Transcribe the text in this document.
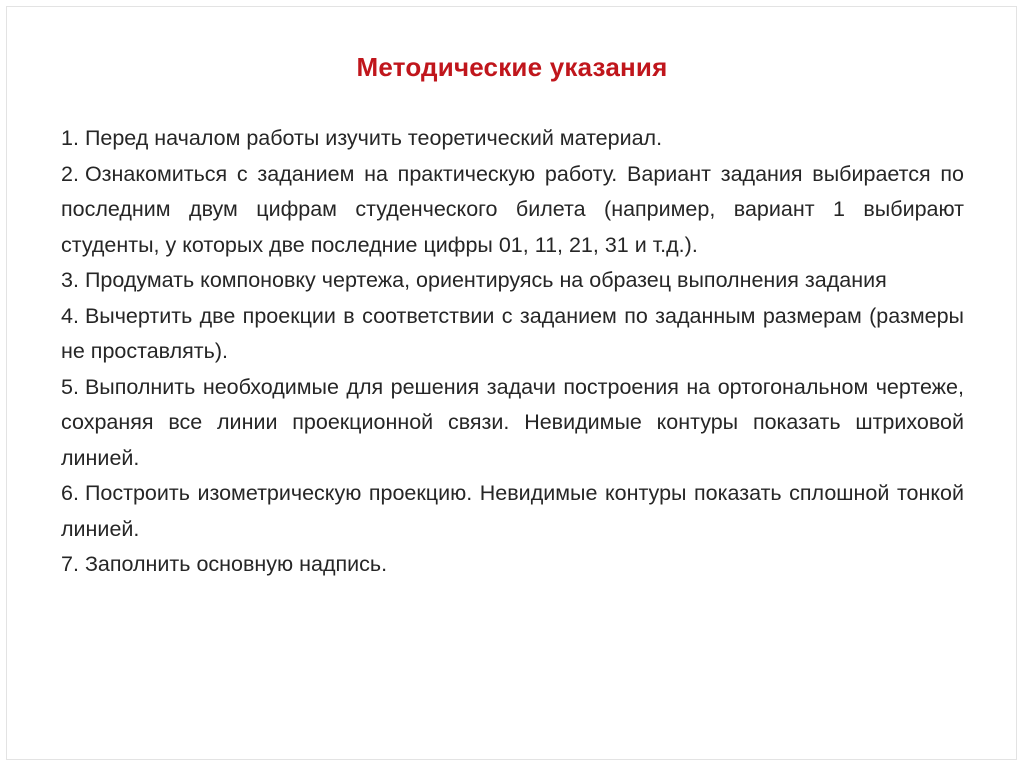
Методические указания
1. Перед началом работы изучить теоретический материал.
2. Ознакомиться с заданием на практическую работу. Вариант задания выбирается по последним двум цифрам студенческого билета (например, вариант 1 выбирают студенты, у которых две последние цифры 01, 11, 21, 31 и т.д.).
3. Продумать компоновку чертежа, ориентируясь на образец выполнения задания
4. Вычертить две проекции в соответствии с заданием по заданным размерам (размеры не проставлять).
5. Выполнить необходимые для решения задачи построения на ортогональном чертеже, сохраняя все линии проекционной связи. Невидимые контуры показать штриховой линией.
6. Построить изометрическую проекцию. Невидимые контуры показать сплошной тонкой линией.
7. Заполнить основную надпись.
